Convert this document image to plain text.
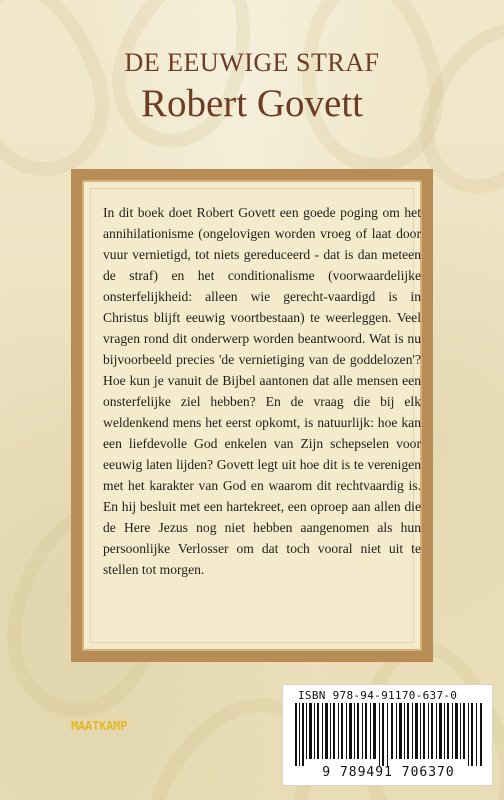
DE EEUWIGE STRAF
Robert Govett

In dit boek doet Robert Govett een goede poging om het annihilationisme (ongelovigen worden vroeg of laat door vuur vernietigd, tot niets gereduceerd - dat is dan meteen de straf) en het conditionalisme (voorwaardelijke onsterfelijkheid: alleen wie gerecht-vaardigd is in Christus blijft eeuwig voortbestaan) te weerleggen. Veel vragen rond dit onderwerp worden beantwoord. Wat is nu bijvoorbeeld precies 'de vernietiging van de goddelozen'? Hoe kun je vanuit de Bijbel aantonen dat alle mensen een onsterfelijke ziel hebben? En de vraag die bij elk weldenkend mens het eerst opkomt, is natuurlijk: hoe kan een liefdevolle God enkelen van Zijn schepselen voor eeuwig laten lijden? Govett legt uit hoe dit is te verenigen met het karakter van God en waarom dit rechtvaardig is. En hij besluit met een hartekreet, een oproep aan allen die de Here Jezus nog niet hebben aangenomen als hun persoonlijke Verlosser om dat toch vooral niet uit te stellen tot morgen.

MAATKAMP
ISBN 978-94-91170-637-0
9 789491 706370
